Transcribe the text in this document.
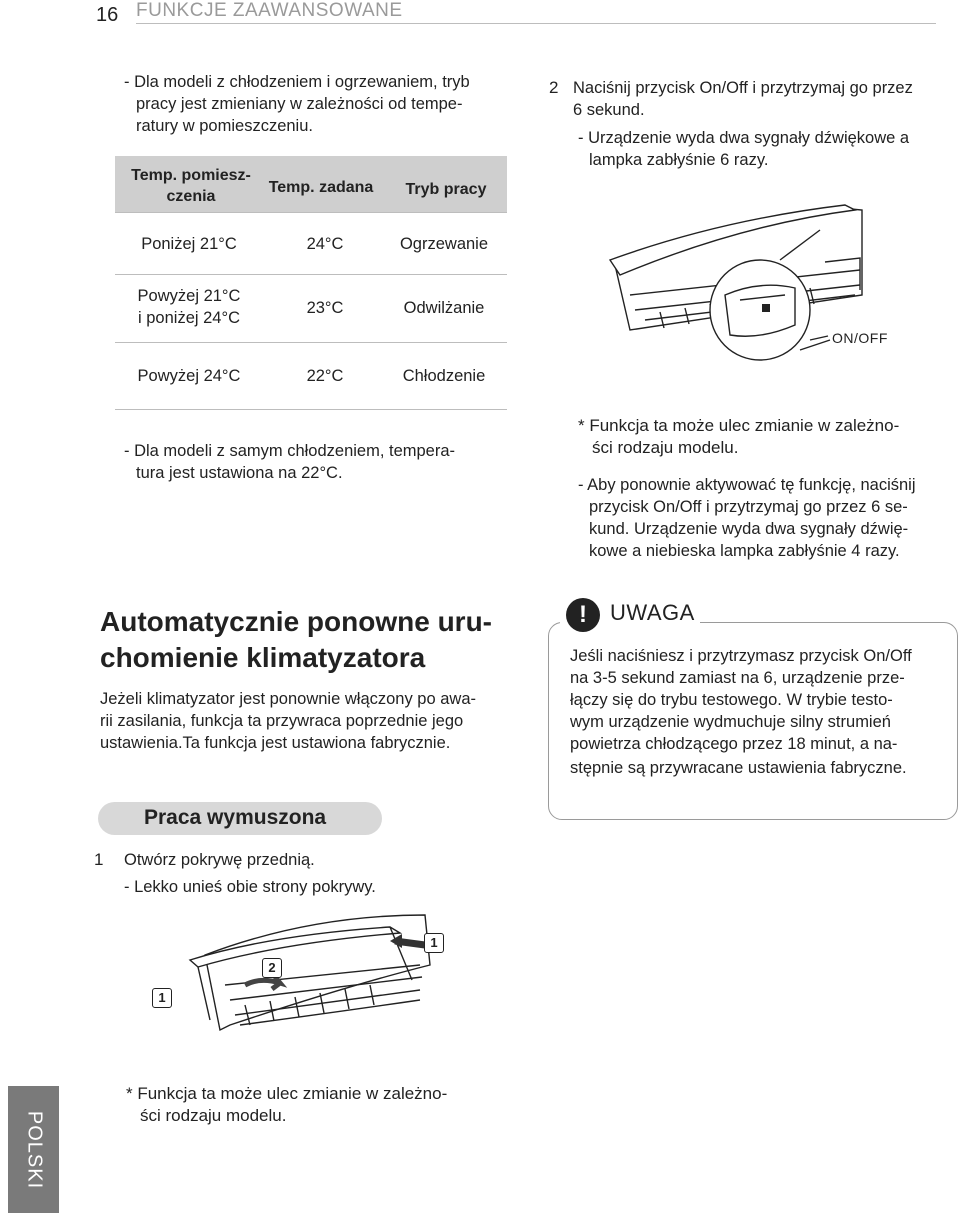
16 FUNKCJE ZAAWANSOWANE
- Dla modeli z chłodzeniem i ogrzewaniem, tryb
pracy jest zmieniany w zależności od tempe-
ratury w pomieszczeniu.
Temp. pomiesz-
czenia
Temp. zadana	Tryb pracy
Poniżej 21°C	24°C	Ogrzewanie
Powyżej 21°C
i poniżej 24°C
23°C	Odwilżanie
Powyżej 24°C	22°C	Chłodzenie
- Dla modeli z samym chłodzeniem, tempera-
tura jest ustawiona na 22°C.
Automatycznie ponowne uru-
chomienie klimatyzatora
Jeżeli klimatyzator jest ponownie włączony po awa-
rii zasilania, funkcja ta przywraca poprzednie jego
ustawienia.Ta funkcja jest ustawiona fabrycznie.
Praca wymuszona
1 Otwórz pokrywę przednią.
- Lekko unieś obie strony pokrywy.
2
1
1
* Funkcja ta może ulec zmianie w zależno-
ści rodzaju modelu.
2 Naciśnij przycisk On/Off i przytrzymaj go przez
6 sekund.
- Urządzenie wyda dwa sygnały dźwiękowe a
lampka zabłyśnie 6 razy.
ON/OFF
* Funkcja ta może ulec zmianie w zależno-
ści rodzaju modelu.
- Aby ponownie aktywować tę funkcję, naciśnij
przycisk On/Off i przytrzymaj go przez 6 se-
kund. Urządzenie wyda dwa sygnały dźwię-
kowe a niebieska lampka zabłyśnie 4 razy.
!	UWAGA
Jeśli naciśniesz i przytrzymasz przycisk On/Off
na 3-5 sekund zamiast na 6, urządzenie prze-
łączy się do trybu testowego. W trybie testo-
wym urządzenie wydmuchuje silny strumień
powietrza chłodzącego przez 18 minut, a na-
stępnie są przywracane ustawienia fabryczne.
POLSKI
